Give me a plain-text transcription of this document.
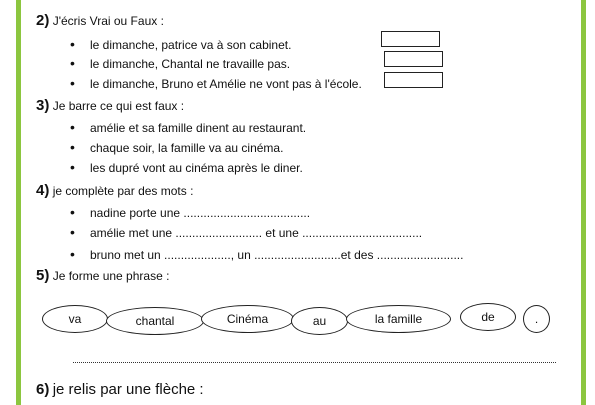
2) J'écris Vrai ou Faux :
• le dimanche, patrice va à son cabinet.
• le dimanche, Chantal ne travaille pas.
• le dimanche, Bruno et Amélie ne vont pas à l'école.
3) Je barre ce qui est faux :
• amélie et sa famille dinent au restaurant.
• chaque soir, la famille va au cinéma.
• les dupré vont au cinéma après le diner.
4) je complète par des mots :
• nadine porte une ......................................
• amélie met une .......................... et une ....................................
• bruno met un ...................., un ..........................et des ..........................
5) Je forme une phrase :
va	chantal	Cinéma	au	la famille	de	.
6) je relis par une flèche :
